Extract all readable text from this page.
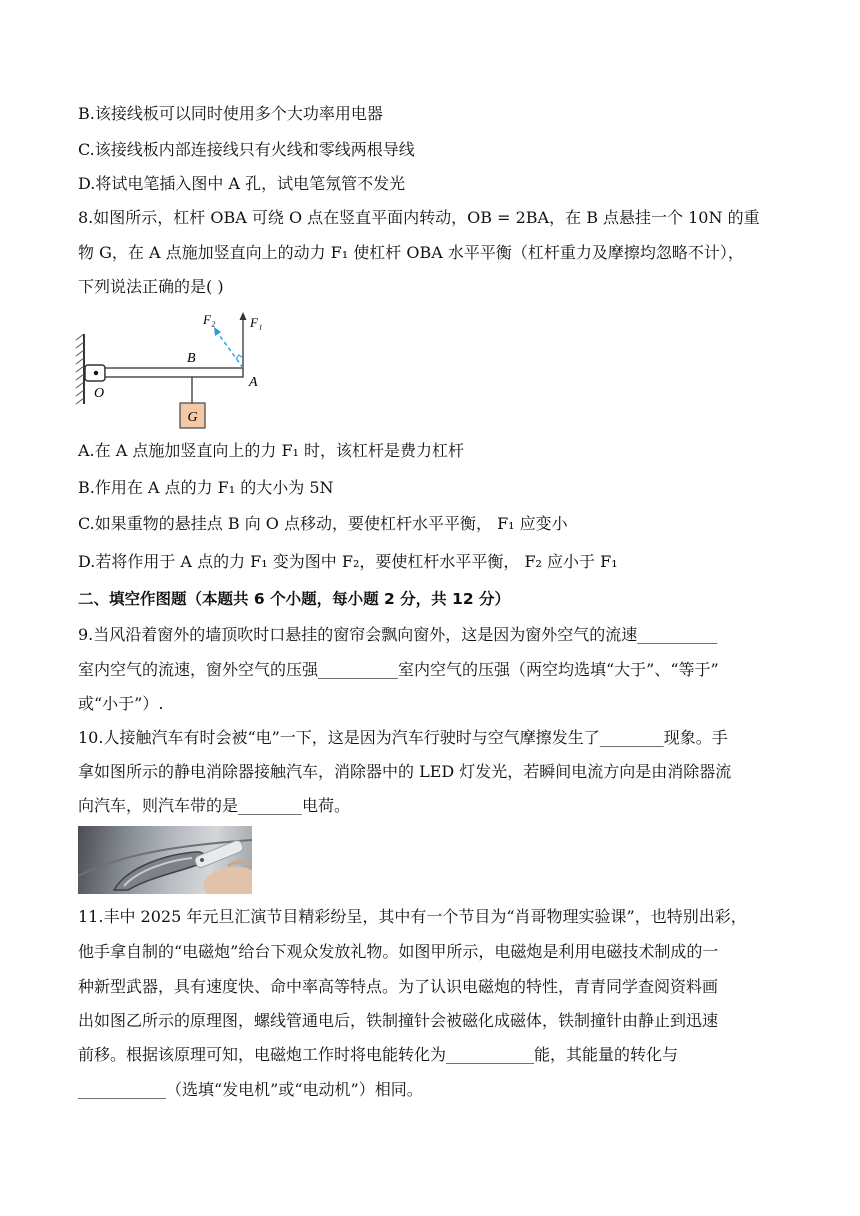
B.该接线板可以同时使用多个大功率用电器
C.该接线板内部连接线只有火线和零线两根导线
D.将试电笔插入图中 A 孔，试电笔氖管不发光
8.如图所示，杠杆 OBA 可绕 O 点在竖直平面内转动，OB = 2BA，在 B 点悬挂一个 10N 的重
物 G，在 A 点施加竖直向上的动力 F₁ 使杠杆 OBA 水平平衡（杠杆重力及摩擦均忽略不计），
下列说法正确的是( )
G
F₁
F₂
B
O
A
A.在 A 点施加竖直向上的力 F₁ 时，该杠杆是费力杠杆
B.作用在 A 点的力 F₁ 的大小为 5N
C.如果重物的悬挂点 B 向 O 点移动，要使杠杆水平平衡， F₁ 应变小
D.若将作用于 A 点的力 F₁ 变为图中 F₂，要使杠杆水平平衡， F₂ 应小于 F₁
二、填空作图题（本题共 6 个小题，每小题 2 分，共 12 分）
9.当风沿着窗外的墙顶吹时口悬挂的窗帘会飘向窗外，这是因为窗外空气的流速__________
室内空气的流速，窗外空气的压强__________室内空气的压强（两空均选填“大于”、“等于”
或“小于”）.
10.人接触汽车有时会被“电”一下，这是因为汽车行驶时与空气摩擦发生了________现象。手
拿如图所示的静电消除器接触汽车，消除器中的 LED 灯发光，若瞬间电流方向是由消除器流
向汽车，则汽车带的是________电荷。
11.丰中 2025 年元旦汇演节目精彩纷呈，其中有一个节目为“肖哥物理实验课”，也特别出彩，
他手拿自制的“电磁炮”给台下观众发放礼物。如图甲所示，电磁炮是利用电磁技术制成的一
种新型武器，具有速度快、命中率高等特点。为了认识电磁炮的特性，青青同学查阅资料画
出如图乙所示的原理图，螺线管通电后，铁制撞针会被磁化成磁体，铁制撞针由静止到迅速
前移。根据该原理可知，电磁炮工作时将电能转化为___________能，其能量的转化与
___________（选填“发电机”或“电动机”）相同。
